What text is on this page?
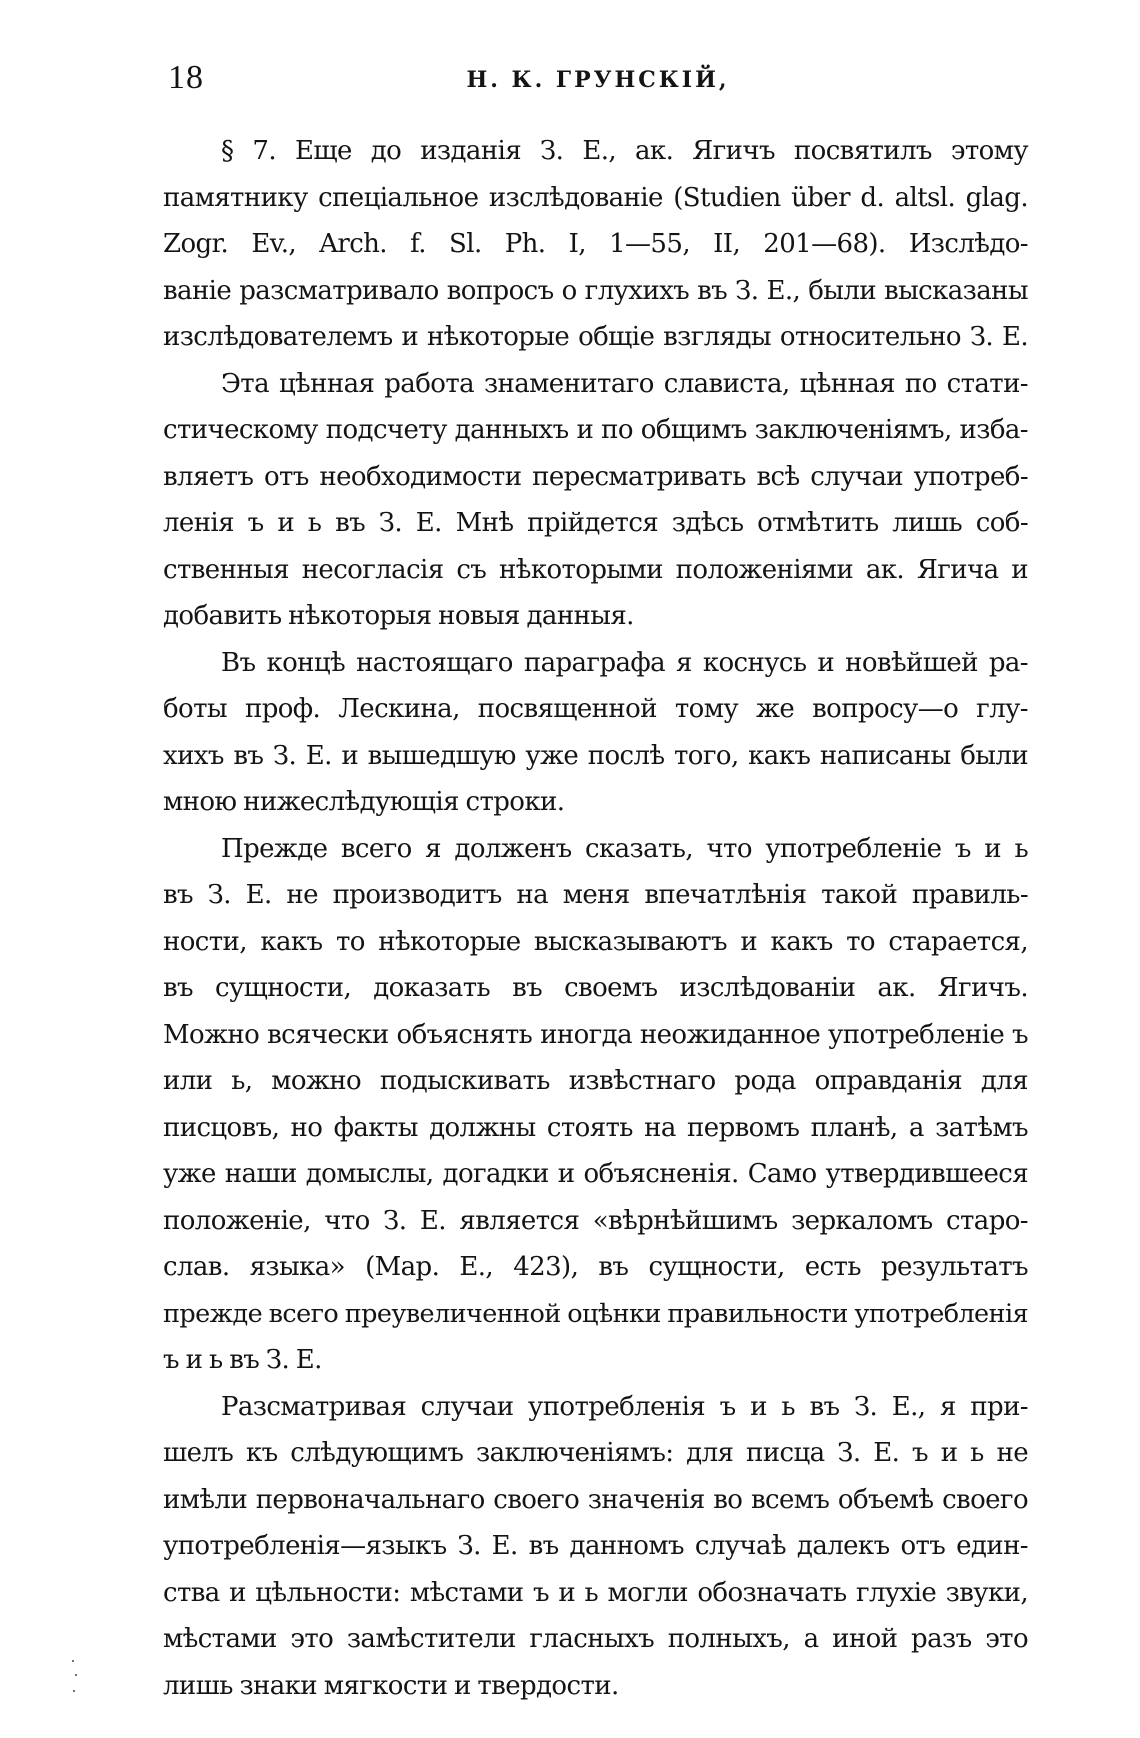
18	Н. К. ГРУНСКІЙ,

§ 7. Еще до изданія З. Е., ак. Ягичъ посвятилъ этому
памятнику спеціальное изслѣдованіе (Studien über d. altsl. glag.
Zogr. Ev., Arch. f. Sl. Ph. I, 1—55, II, 201—68). Изслѣдо-
ваніе разсматривало вопросъ о глухихъ въ З. Е., были высказаны
изслѣдователемъ и нѣкоторые общіе взгляды относительно З. Е.

Эта цѣнная работа знаменитаго слависта, цѣнная по стати-
стическому подсчету данныхъ и по общимъ заключеніямъ, изба-
вляетъ отъ необходимости пересматривать всѣ случаи употреб-
ленія ъ и ь въ З. Е. Мнѣ прійдется здѣсь отмѣтить лишь соб-
ственныя несогласія съ нѣкоторыми положеніями ак. Ягича и
добавить нѣкоторыя новыя данныя.

Въ концѣ настоящаго параграфа я коснусь и новѣйшей ра-
боты проф. Лескина, посвященной тому же вопросу—о глу-
хихъ въ З. Е. и вышедшую уже послѣ того, какъ написаны были
мною нижеслѣдующія строки.

Прежде всего я долженъ сказать, что употребленіе ъ и ь
въ З. Е. не производитъ на меня впечатлѣнія такой правиль-
ности, какъ то нѣкоторые высказываютъ и какъ то старается,
въ сущности, доказать въ своемъ изслѣдованіи ак. Ягичъ.
Можно всячески объяснять иногда неожиданное употребленіе ъ
или ь, можно подыскивать извѣстнаго рода оправданія для
писцовъ, но факты должны стоять на первомъ планѣ, а затѣмъ
уже наши домыслы, догадки и объясненія. Само утвердившееся
положеніе, что З. Е. является «вѣрнѣйшимъ зеркаломъ старо-
слав. языка» (Мар. Е., 423), въ сущности, есть результатъ
прежде всего преувеличенной оцѣнки правильности употребленія
ъ и ь въ З. Е.

Разсматривая случаи употребленія ъ и ь въ З. Е., я при-
шелъ къ слѣдующимъ заключеніямъ: для писца З. Е. ъ и ь не
имѣли первоначальнаго своего значенія во всемъ объемѣ своего
употребленія—языкъ З. Е. въ данномъ случаѣ далекъ отъ един-
ства и цѣльности: мѣстами ъ и ь могли обозначать глухіе звуки,
мѣстами это замѣстители гласныхъ полныхъ, а иной разъ это
лишь знаки мягкости и твердости.
